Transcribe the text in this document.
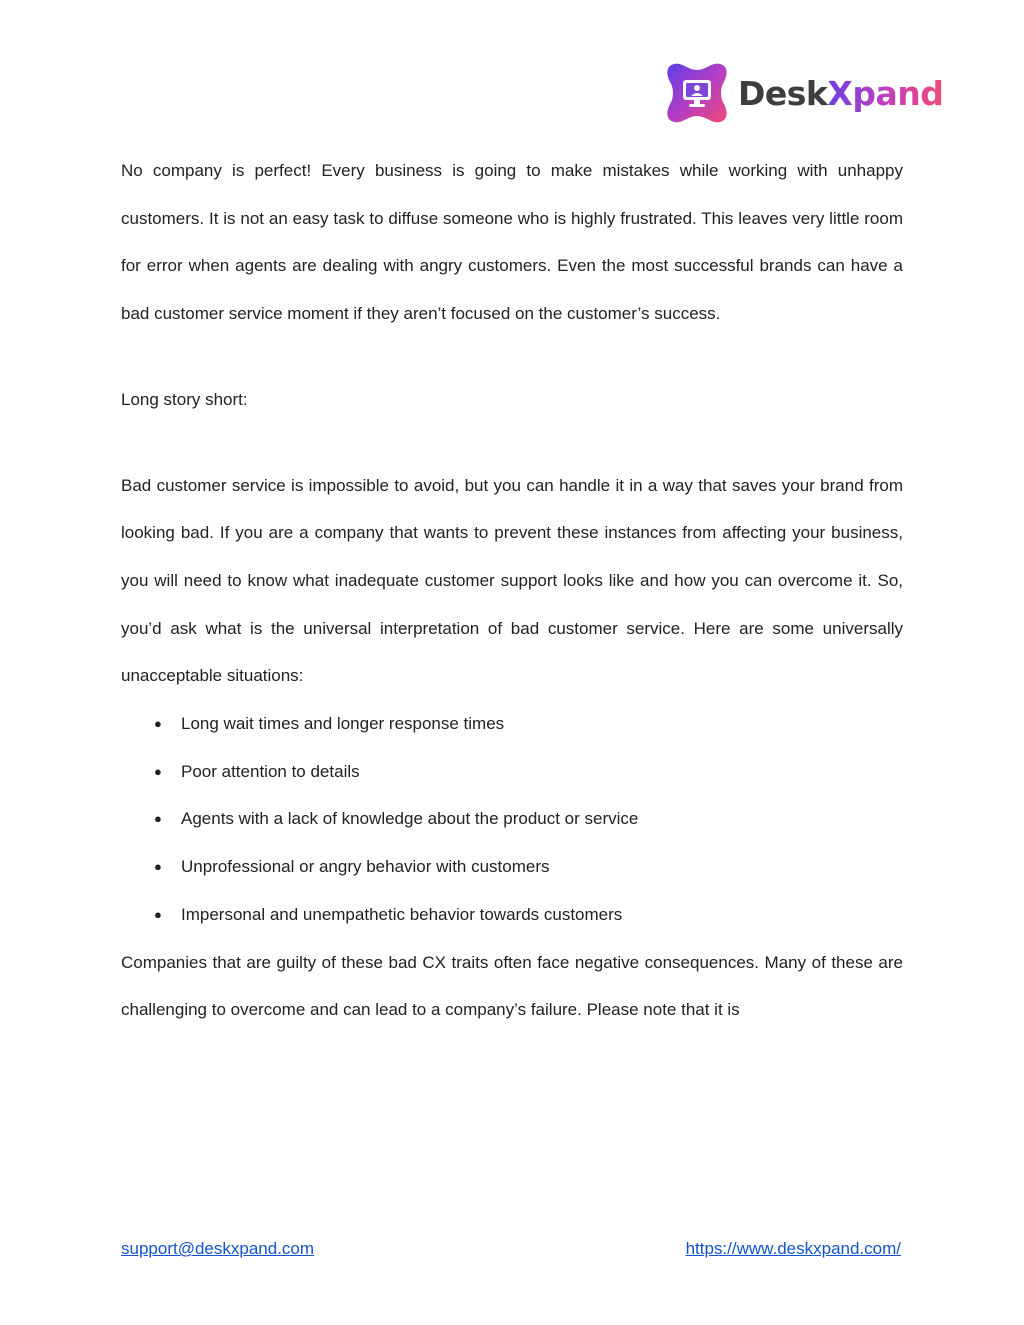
DeskXpand

No company is perfect! Every business is going to make mistakes while working with unhappy customers. It is not an easy task to diffuse someone who is highly frustrated. This leaves very little room for error when agents are dealing with angry customers. Even the most successful brands can have a bad customer service moment if they aren’t focused on the customer’s success.

Long story short:

Bad customer service is impossible to avoid, but you can handle it in a way that saves your brand from looking bad. If you are a company that wants to prevent these instances from affecting your business, you will need to know what inadequate customer support looks like and how you can overcome it. So, you’d ask what is the universal interpretation of bad customer service. Here are some universally unacceptable situations:

● Long wait times and longer response times
● Poor attention to details
● Agents with a lack of knowledge about the product or service
● Unprofessional or angry behavior with customers
● Impersonal and unempathetic behavior towards customers

Companies that are guilty of these bad CX traits often face negative consequences. Many of these are challenging to overcome and can lead to a company’s failure. Please note that it is

support@deskxpand.com	https://www.deskxpand.com/
